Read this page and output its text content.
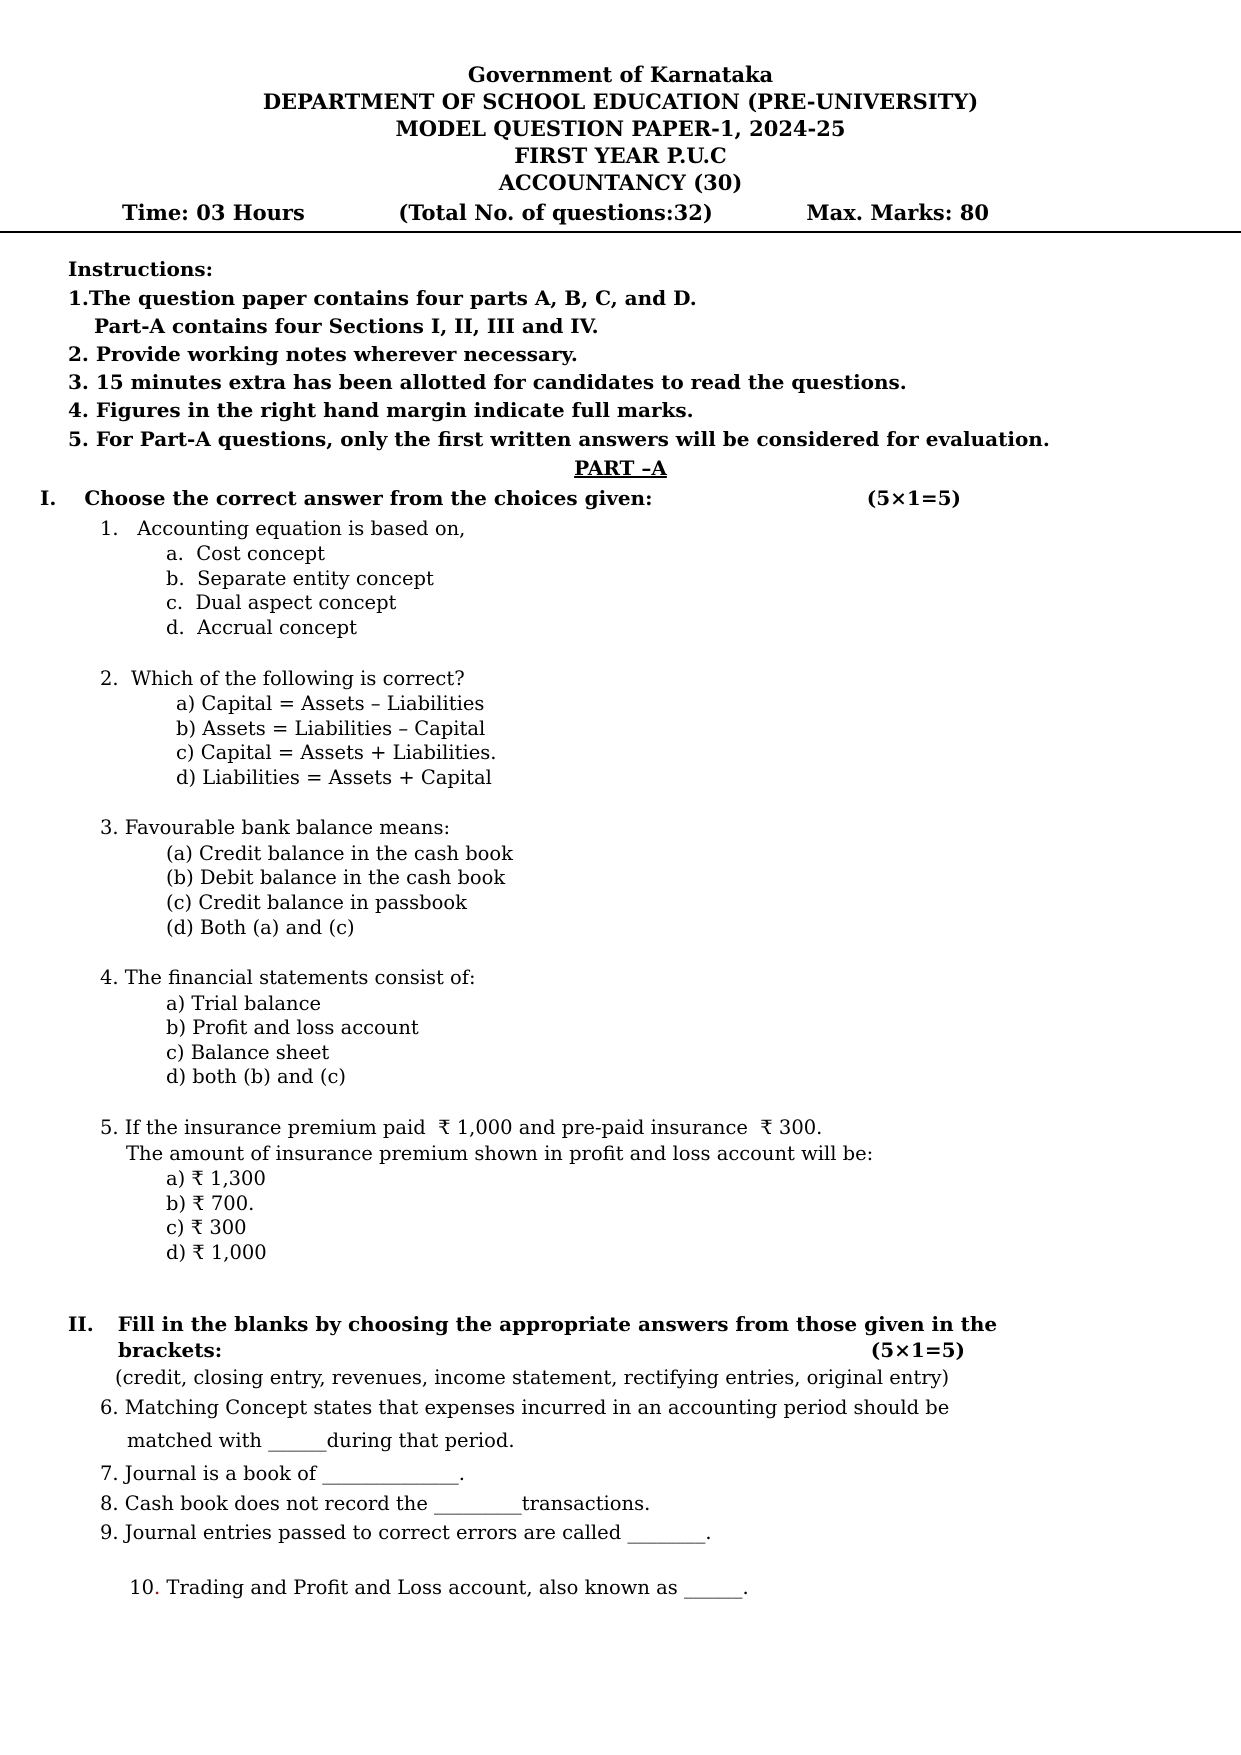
Government of Karnataka
DEPARTMENT OF SCHOOL EDUCATION (PRE-UNIVERSITY)
MODEL QUESTION PAPER-1, 2024-25
FIRST YEAR P.U.C
ACCOUNTANCY (30)
Time: 03 Hours	(Total No. of questions:32)	Max. Marks: 80
Instructions:
1.The question paper contains four parts A, B, C, and D.
Part-A contains four Sections I, II, III and IV.
2. Provide working notes wherever necessary.
3. 15 minutes extra has been allotted for candidates to read the questions.
4. Figures in the right hand margin indicate full marks.
5. For Part-A questions, only the first written answers will be considered for evaluation.
PART –A
I. Choose the correct answer from the choices given:	(5×1=5)
1.   Accounting equation is based on,
a.  Cost concept
b.  Separate entity concept
c.  Dual aspect concept
d.  Accrual concept
2.  Which of the following is correct?
a) Capital = Assets – Liabilities
b) Assets = Liabilities – Capital
c) Capital = Assets + Liabilities.
d) Liabilities = Assets + Capital
3. Favourable bank balance means:
(a) Credit balance in the cash book
(b) Debit balance in the cash book
(c) Credit balance in passbook
(d) Both (a) and (c)
4. The financial statements consist of:
a) Trial balance
b) Profit and loss account
c) Balance sheet
d) both (b) and (c)
5. If the insurance premium paid  ₹ 1,000 and pre-paid insurance  ₹ 300.
The amount of insurance premium shown in profit and loss account will be:
a) ₹ 1,300
b) ₹ 700.
c) ₹ 300
d) ₹ 1,000
II. Fill in the blanks by choosing the appropriate answers from those given in the
brackets:	(5×1=5)
(credit, closing entry, revenues, income statement, rectifying entries, original entry)
6. Matching Concept states that expenses incurred in an accounting period should be
matched with ______during that period.
7. Journal is a book of ______________.
8. Cash book does not record the _________transactions.
9. Journal entries passed to correct errors are called ________.

10. Trading and Profit and Loss account, also known as ______.
